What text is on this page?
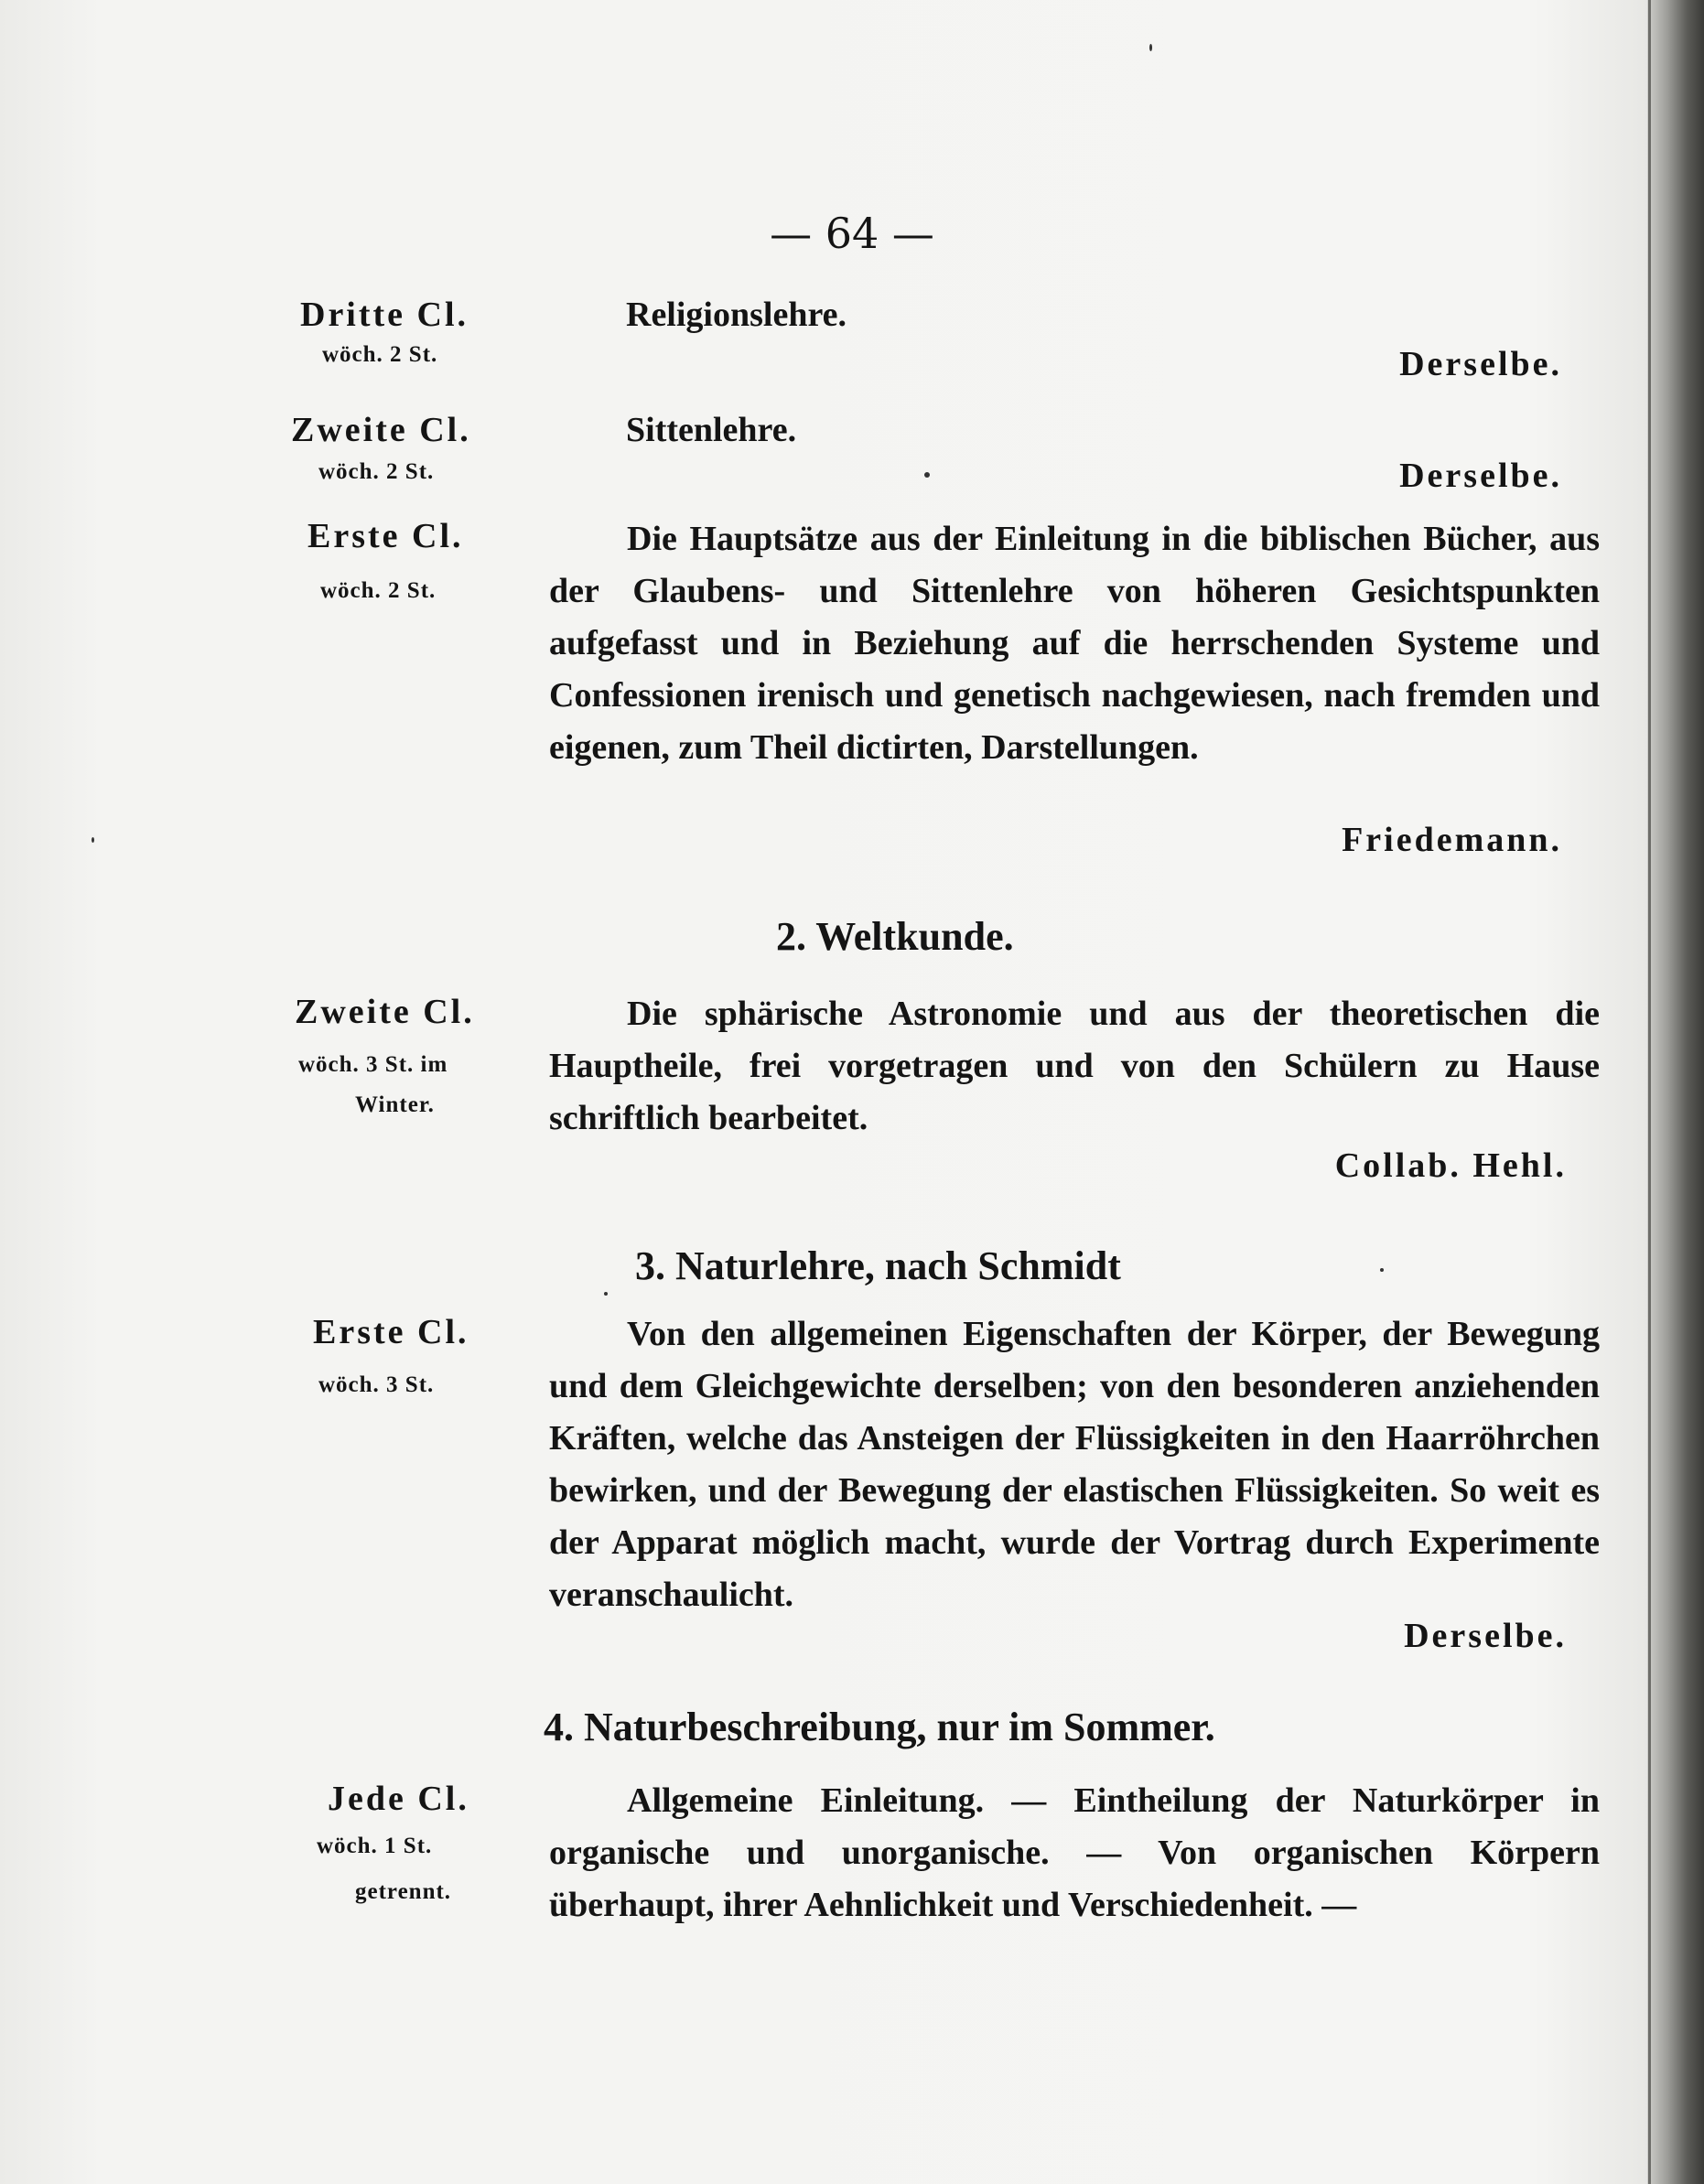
— 64 —
Dritte Cl.
wöch. 2 St.
Religionslehre.
Derselbe.
Zweite Cl.
wöch. 2 St.
Sittenlehre.
Derselbe.
Erste Cl.
wöch. 2 St.
Die Hauptsätze aus der Einleitung in die biblischen Bücher, aus der Glaubens- und Sittenlehre von höheren Gesichtspunkten aufgefasst und in Beziehung auf die herrschenden Systeme und Confessionen irenisch und genetisch nachgewiesen, nach fremden und eigenen, zum Theil dictirten, Darstellungen.
Friedemann.
2. Weltkunde.
Zweite Cl.
wöch. 3 St. im
Winter.
Die sphärische Astronomie und aus der theoretischen die Hauptheile, frei vorgetragen und von den Schülern zu Hause schriftlich bearbeitet.
Collab. Hehl.
3. Naturlehre, nach Schmidt
Erste Cl.
wöch. 3 St.
Von den allgemeinen Eigenschaften der Körper, der Bewegung und dem Gleichgewichte derselben; von den besonderen anziehenden Kräften, welche das Ansteigen der Flüssigkeiten in den Haarröhrchen bewirken, und der Bewegung der elastischen Flüssigkeiten. So weit es der Apparat möglich macht, wurde der Vortrag durch Experimente veranschaulicht.
Derselbe.
4. Naturbeschreibung, nur im Sommer.
Jede Cl.
wöch. 1 St.
getrennt.
Allgemeine Einleitung. — Eintheilung der Naturkörper in organische und unorganische. — Von organischen Körpern überhaupt, ihrer Aehnlichkeit und Verschiedenheit. —
